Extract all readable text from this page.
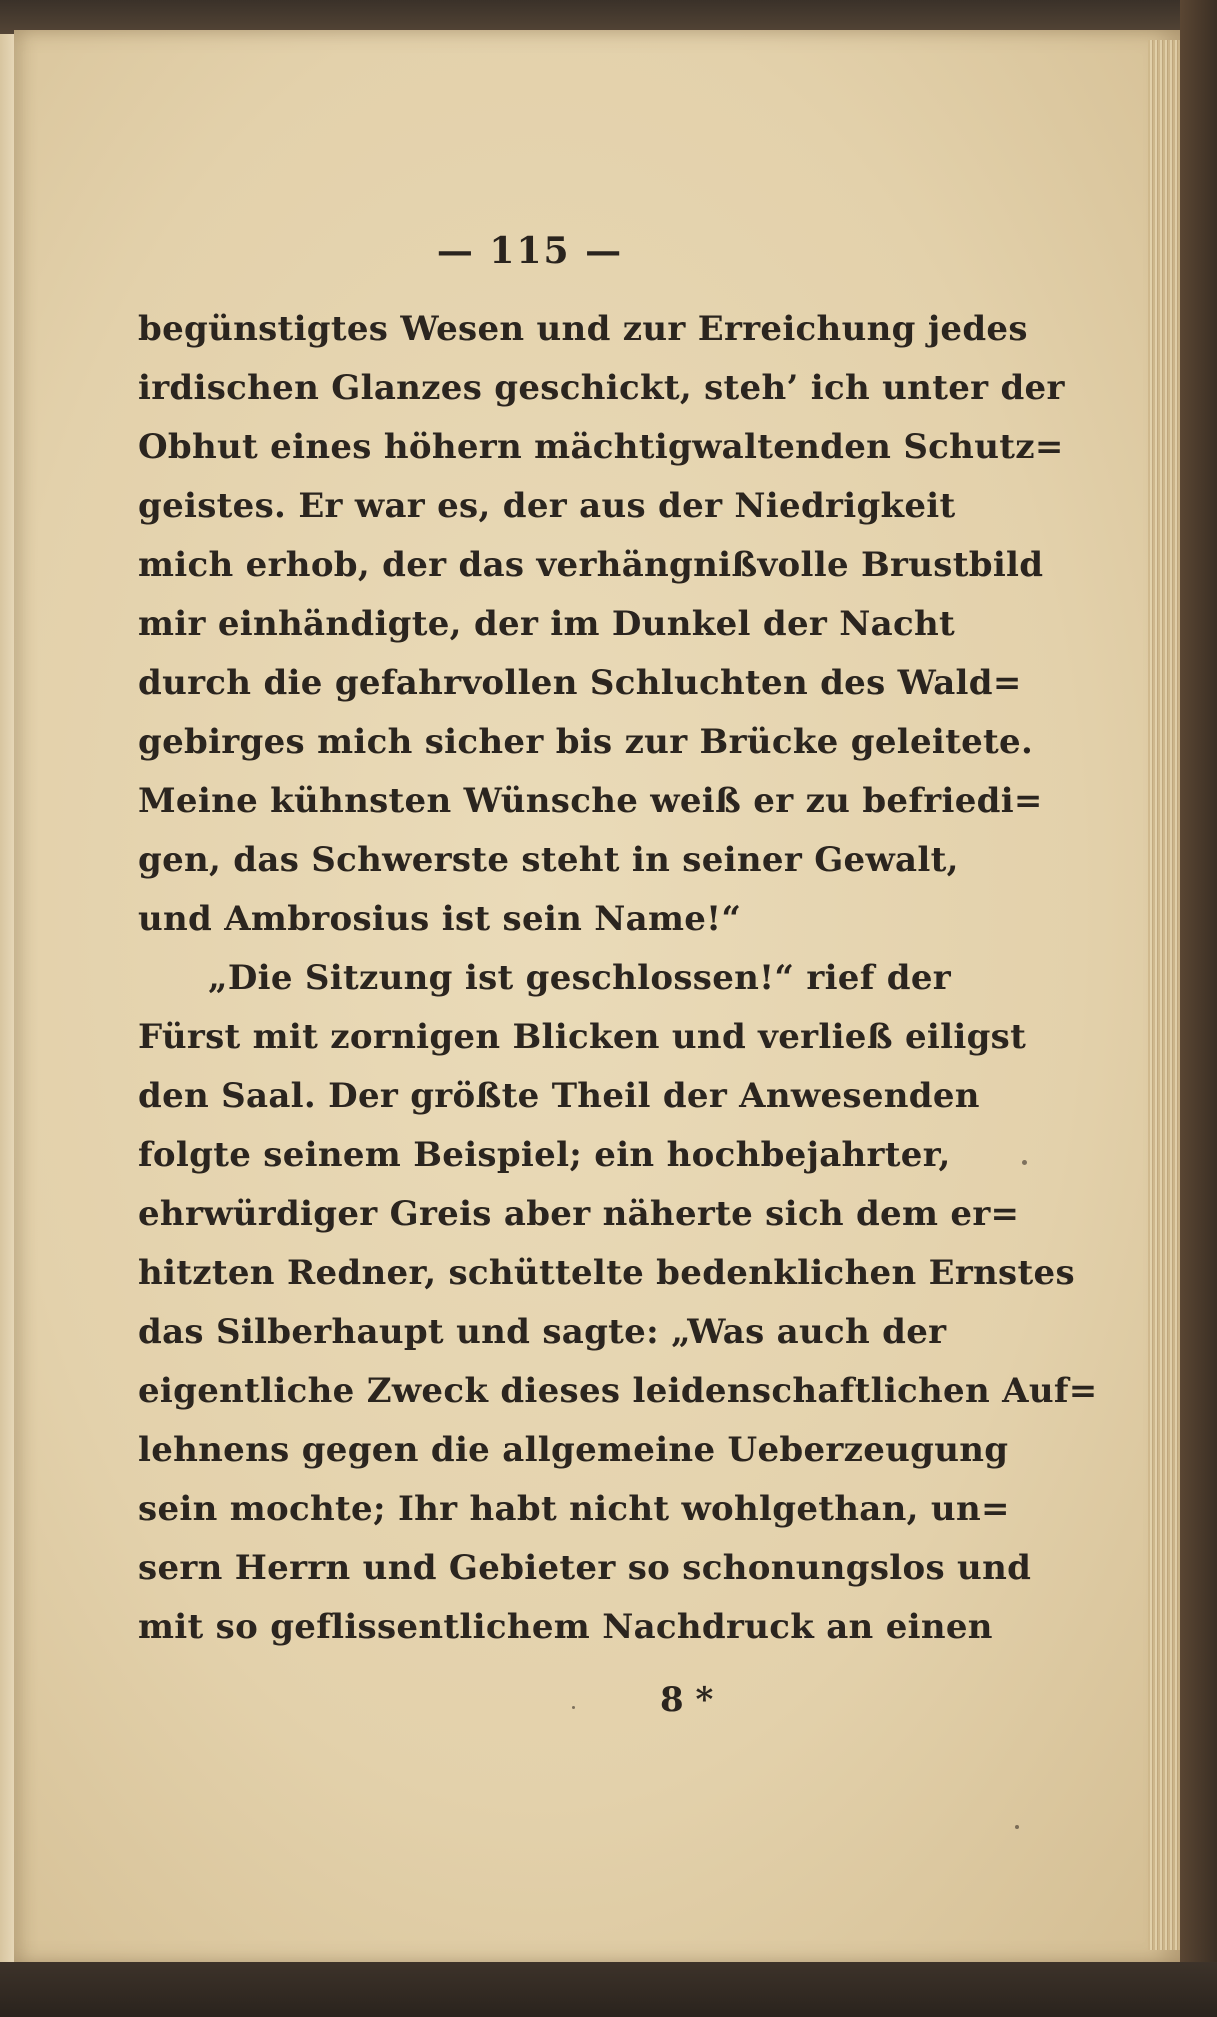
— 115 —
begünstigtes Wesen und zur Erreichung jedes
irdischen Glanzes geschickt, steh’ ich unter der
Obhut eines höhern mächtigwaltenden Schutz=
geistes. Er war es, der aus der Niedrigkeit
mich erhob, der das verhängnißvolle Brustbild
mir einhändigte, der im Dunkel der Nacht
durch die gefahrvollen Schluchten des Wald=
gebirges mich sicher bis zur Brücke geleitete.
Meine kühnsten Wünsche weiß er zu befriedi=
gen, das Schwerste steht in seiner Gewalt,
und Ambrosius ist sein Name!“
„Die Sitzung ist geschlossen!“ rief der
Fürst mit zornigen Blicken und verließ eiligst
den Saal. Der größte Theil der Anwesenden
folgte seinem Beispiel; ein hochbejahrter,
ehrwürdiger Greis aber näherte sich dem er=
hitzten Redner, schüttelte bedenklichen Ernstes
das Silberhaupt und sagte: „Was auch der
eigentliche Zweck dieses leidenschaftlichen Auf=
lehnens gegen die allgemeine Ueberzeugung
sein mochte; Ihr habt nicht wohlgethan, un=
sern Herrn und Gebieter so schonungslos und
mit so geflissentlichem Nachdruck an einen
8 *
